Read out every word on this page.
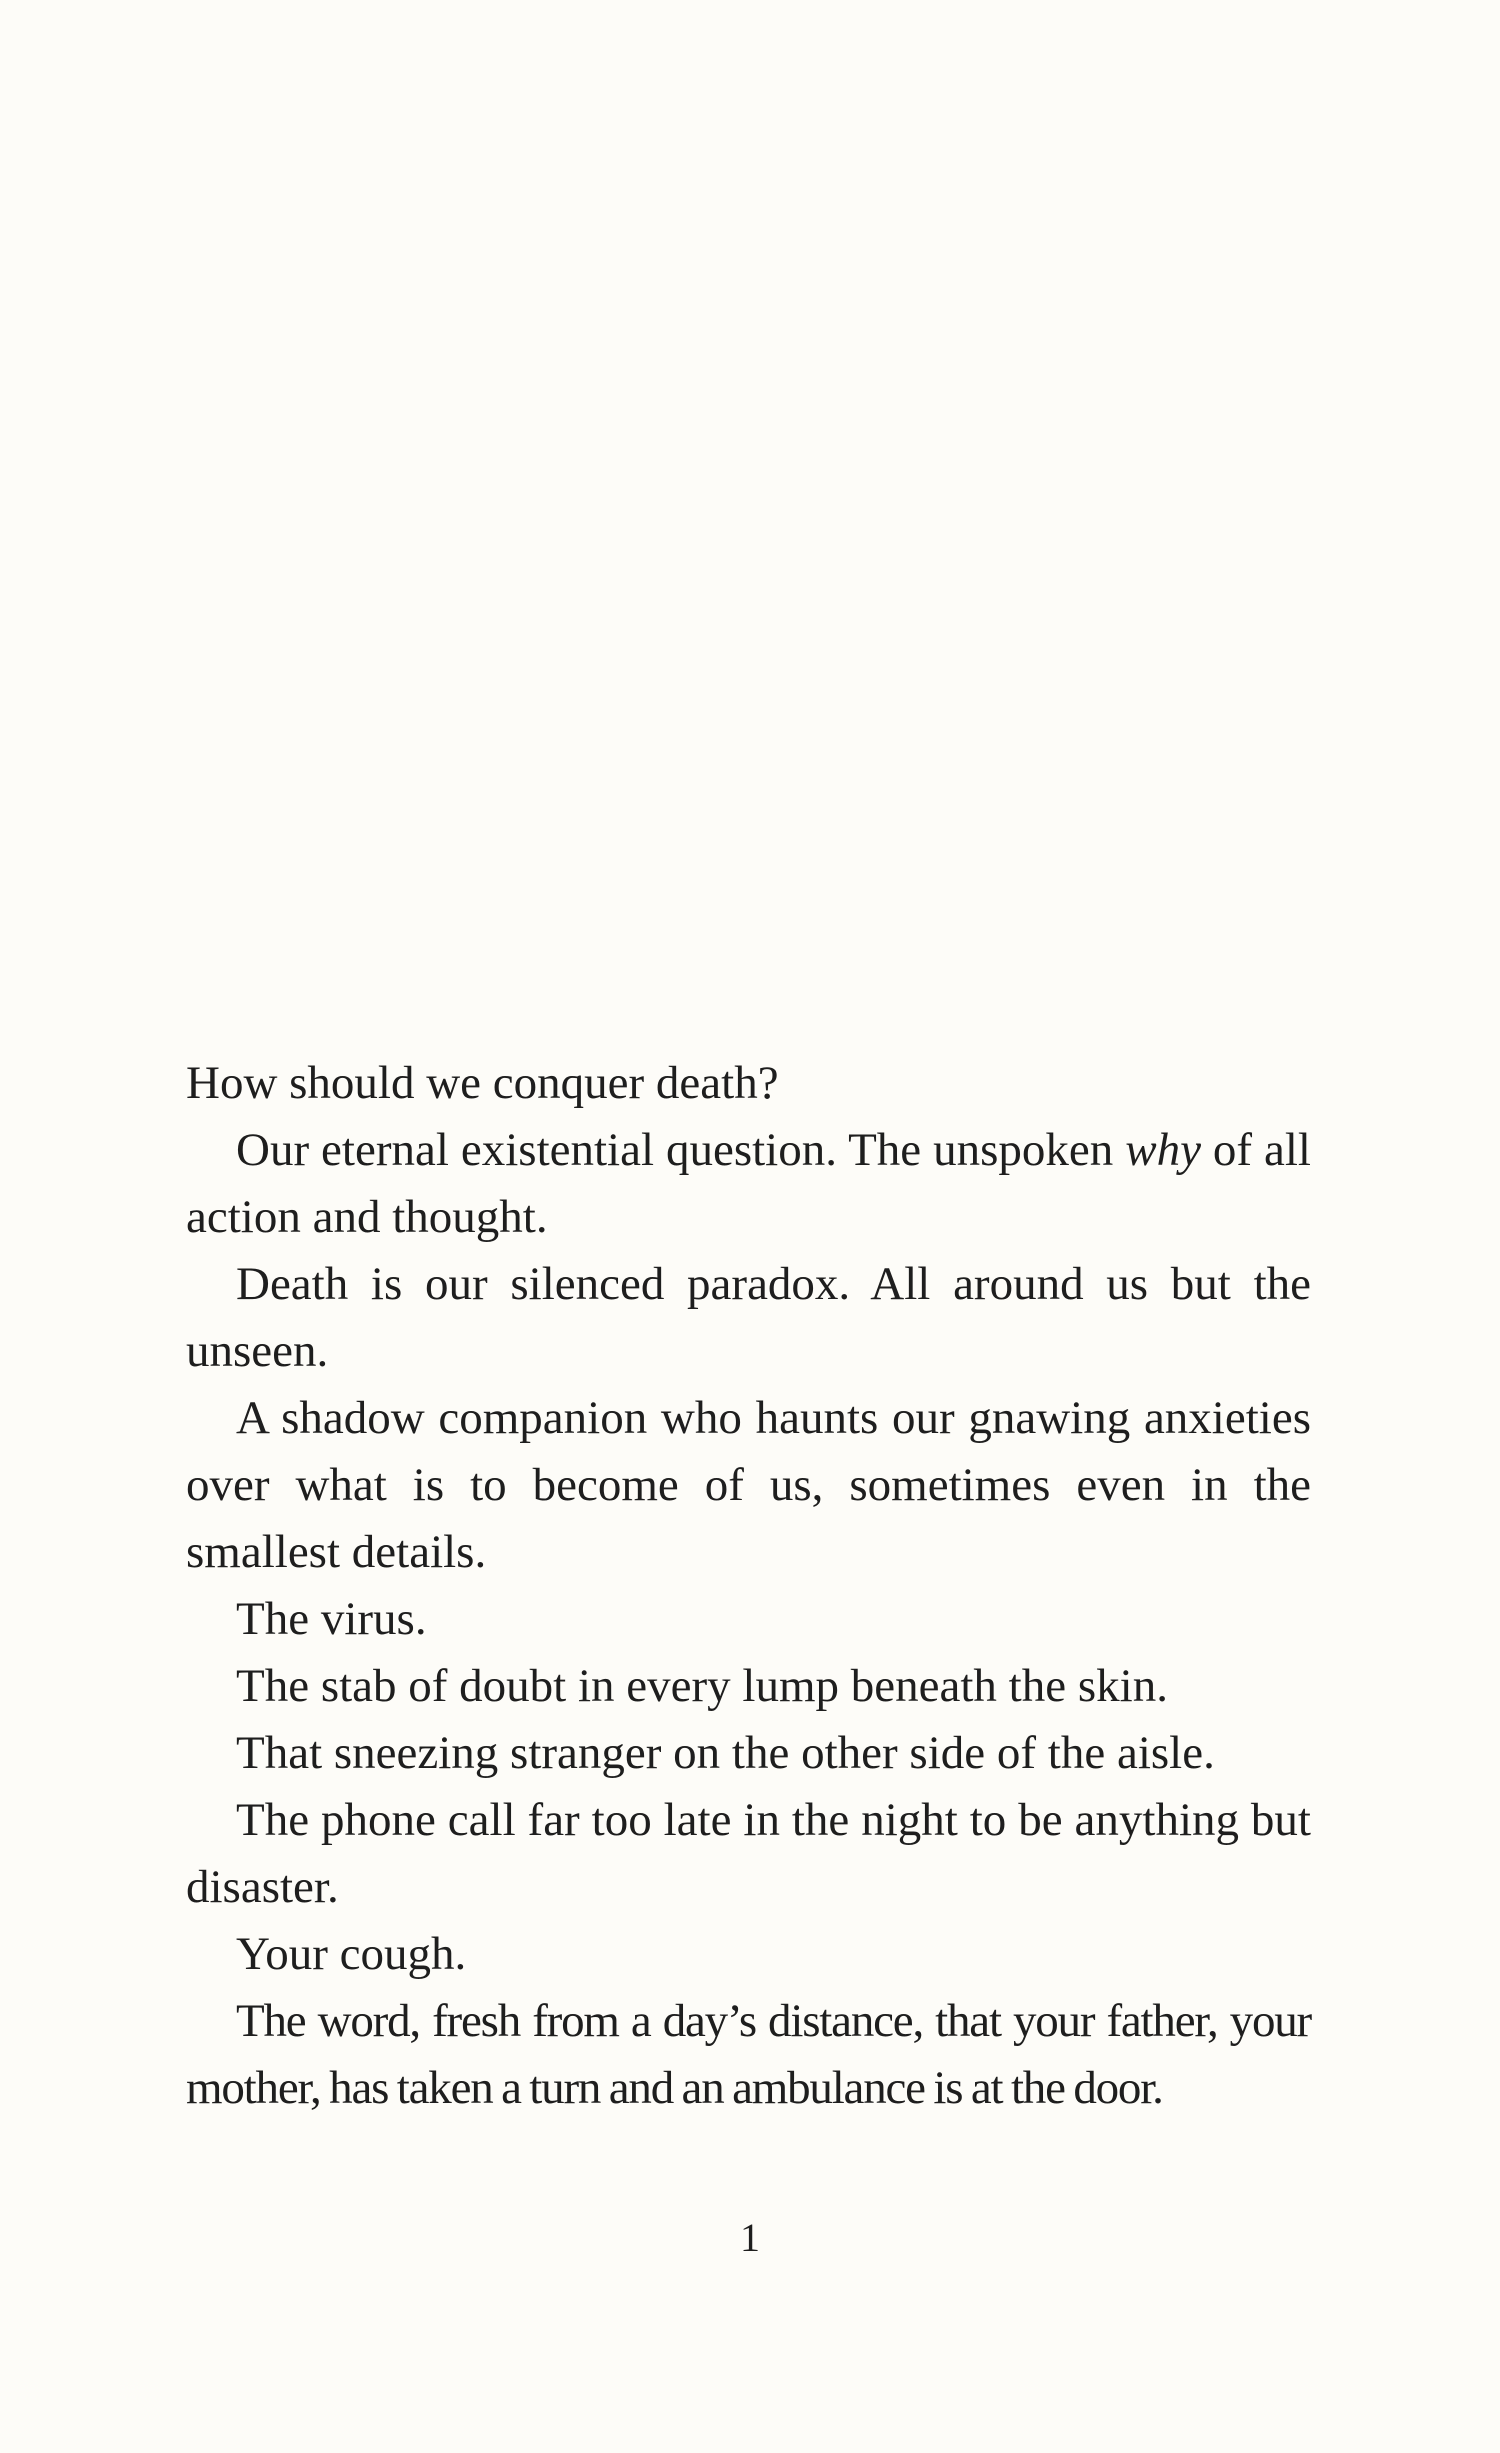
How should we conquer death?

Our eternal existential question. The unspoken why of all action and thought.

Death is our silenced paradox. All around us but the unseen.

A shadow companion who haunts our gnawing anxieties over what is to become of us, sometimes even in the smallest details.

The virus.

The stab of doubt in every lump beneath the skin.

That sneezing stranger on the other side of the aisle.

The phone call far too late in the night to be anything but disaster.

Your cough.

The word, fresh from a day’s distance, that your father, your mother, has taken a turn and an ambulance is at the door.

1
